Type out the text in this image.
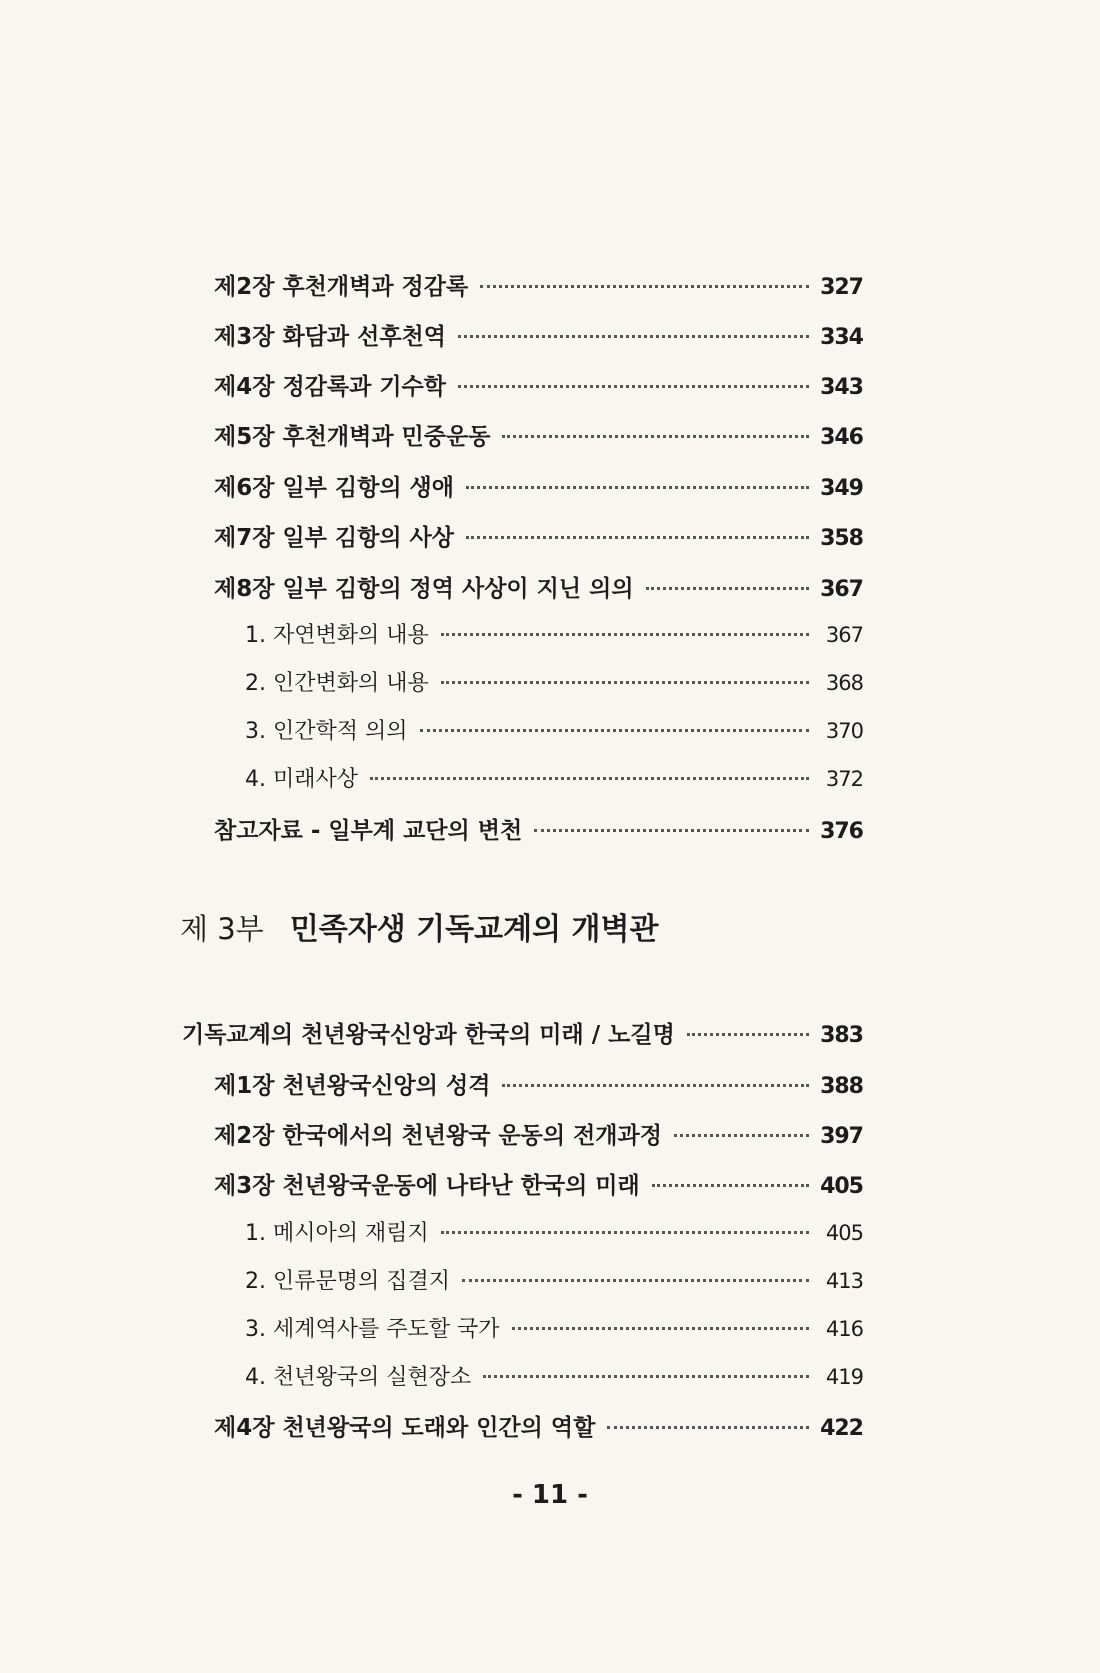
제2장 후천개벽과 정감록	327
제3장 화담과 선후천역	334
제4장 정감록과 기수학	343
제5장 후천개벽과 민중운동	346
제6장 일부 김항의 생애	349
제7장 일부 김항의 사상	358
제8장 일부 김항의 정역 사상이 지닌 의의	367
1. 자연변화의 내용	367
2. 인간변화의 내용	368
3. 인간학적 의의	370
4. 미래사상	372
참고자료 - 일부계 교단의 변천	376
제 3부 민족자생 기독교계의 개벽관
기독교계의 천년왕국신앙과 한국의 미래 / 노길명	383
제1장 천년왕국신앙의 성격	388
제2장 한국에서의 천년왕국 운동의 전개과정	397
제3장 천년왕국운동에 나타난 한국의 미래	405
1. 메시아의 재림지	405
2. 인류문명의 집결지	413
3. 세계역사를 주도할 국가	416
4. 천년왕국의 실현장소	419
제4장 천년왕국의 도래와 인간의 역할	422
- 11 -
